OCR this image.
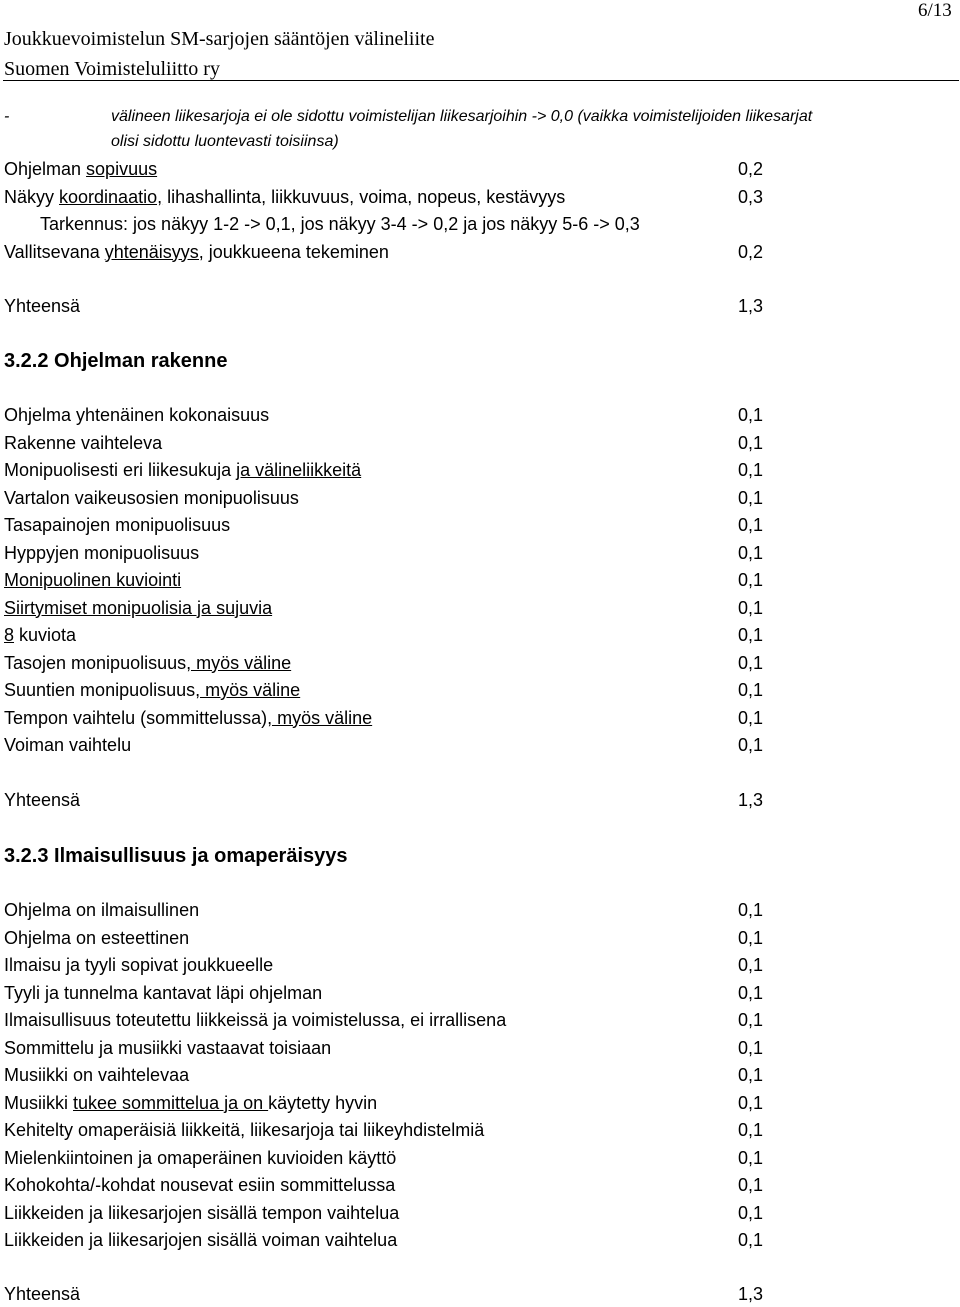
6/13
Joukkuevoimistelun SM-sarjojen sääntöjen välineliite
Suomen Voimisteluliitto ry
-	välineen liikesarjoja ei ole sidottu voimistelijan liikesarjoihin -> 0,0 (vaikka voimistelijoiden liikesarjat
olisi sidottu luontevasti toisiinsa)
Ohjelman sopivuus	0,2
Näkyy koordinaatio, lihashallinta, liikkuvuus, voima, nopeus, kestävyys	0,3
Tarkennus: jos näkyy 1-2 -> 0,1, jos näkyy 3-4 -> 0,2 ja jos näkyy 5-6 -> 0,3
Vallitsevana yhtenäisyys, joukkueena tekeminen	0,2
Yhteensä	1,3
3.2.2 Ohjelman rakenne
Ohjelma yhtenäinen kokonaisuus	0,1
Rakenne vaihteleva	0,1
Monipuolisesti eri liikesukuja ja välineliikkeitä	0,1
Vartalon vaikeusosien monipuolisuus	0,1
Tasapainojen monipuolisuus	0,1
Hyppyjen monipuolisuus	0,1
Monipuolinen kuviointi	0,1
Siirtymiset monipuolisia ja sujuvia	0,1
8 kuviota	0,1
Tasojen monipuolisuus, myös väline	0,1
Suuntien monipuolisuus, myös väline	0,1
Tempon vaihtelu (sommittelussa), myös väline	0,1
Voiman vaihtelu	0,1
Yhteensä	1,3
3.2.3 Ilmaisullisuus ja omaperäisyys
Ohjelma on ilmaisullinen	0,1
Ohjelma on esteettinen	0,1
Ilmaisu ja tyyli sopivat joukkueelle	0,1
Tyyli ja tunnelma kantavat läpi ohjelman	0,1
Ilmaisullisuus toteutettu liikkeissä ja voimistelussa, ei irrallisena	0,1
Sommittelu ja musiikki vastaavat toisiaan	0,1
Musiikki on vaihtelevaa	0,1
Musiikki tukee sommittelua ja on käytetty hyvin	0,1
Kehitelty omaperäisiä liikkeitä, liikesarjoja tai liikeyhdistelmiä	0,1
Mielenkiintoinen ja omaperäinen kuvioiden käyttö	0,1
Kohokohta/-kohdat nousevat esiin sommittelussa	0,1
Liikkeiden ja liikesarjojen sisällä tempon vaihtelua	0,1
Liikkeiden ja liikesarjojen sisällä voiman vaihtelua	0,1
Yhteensä	1,3
